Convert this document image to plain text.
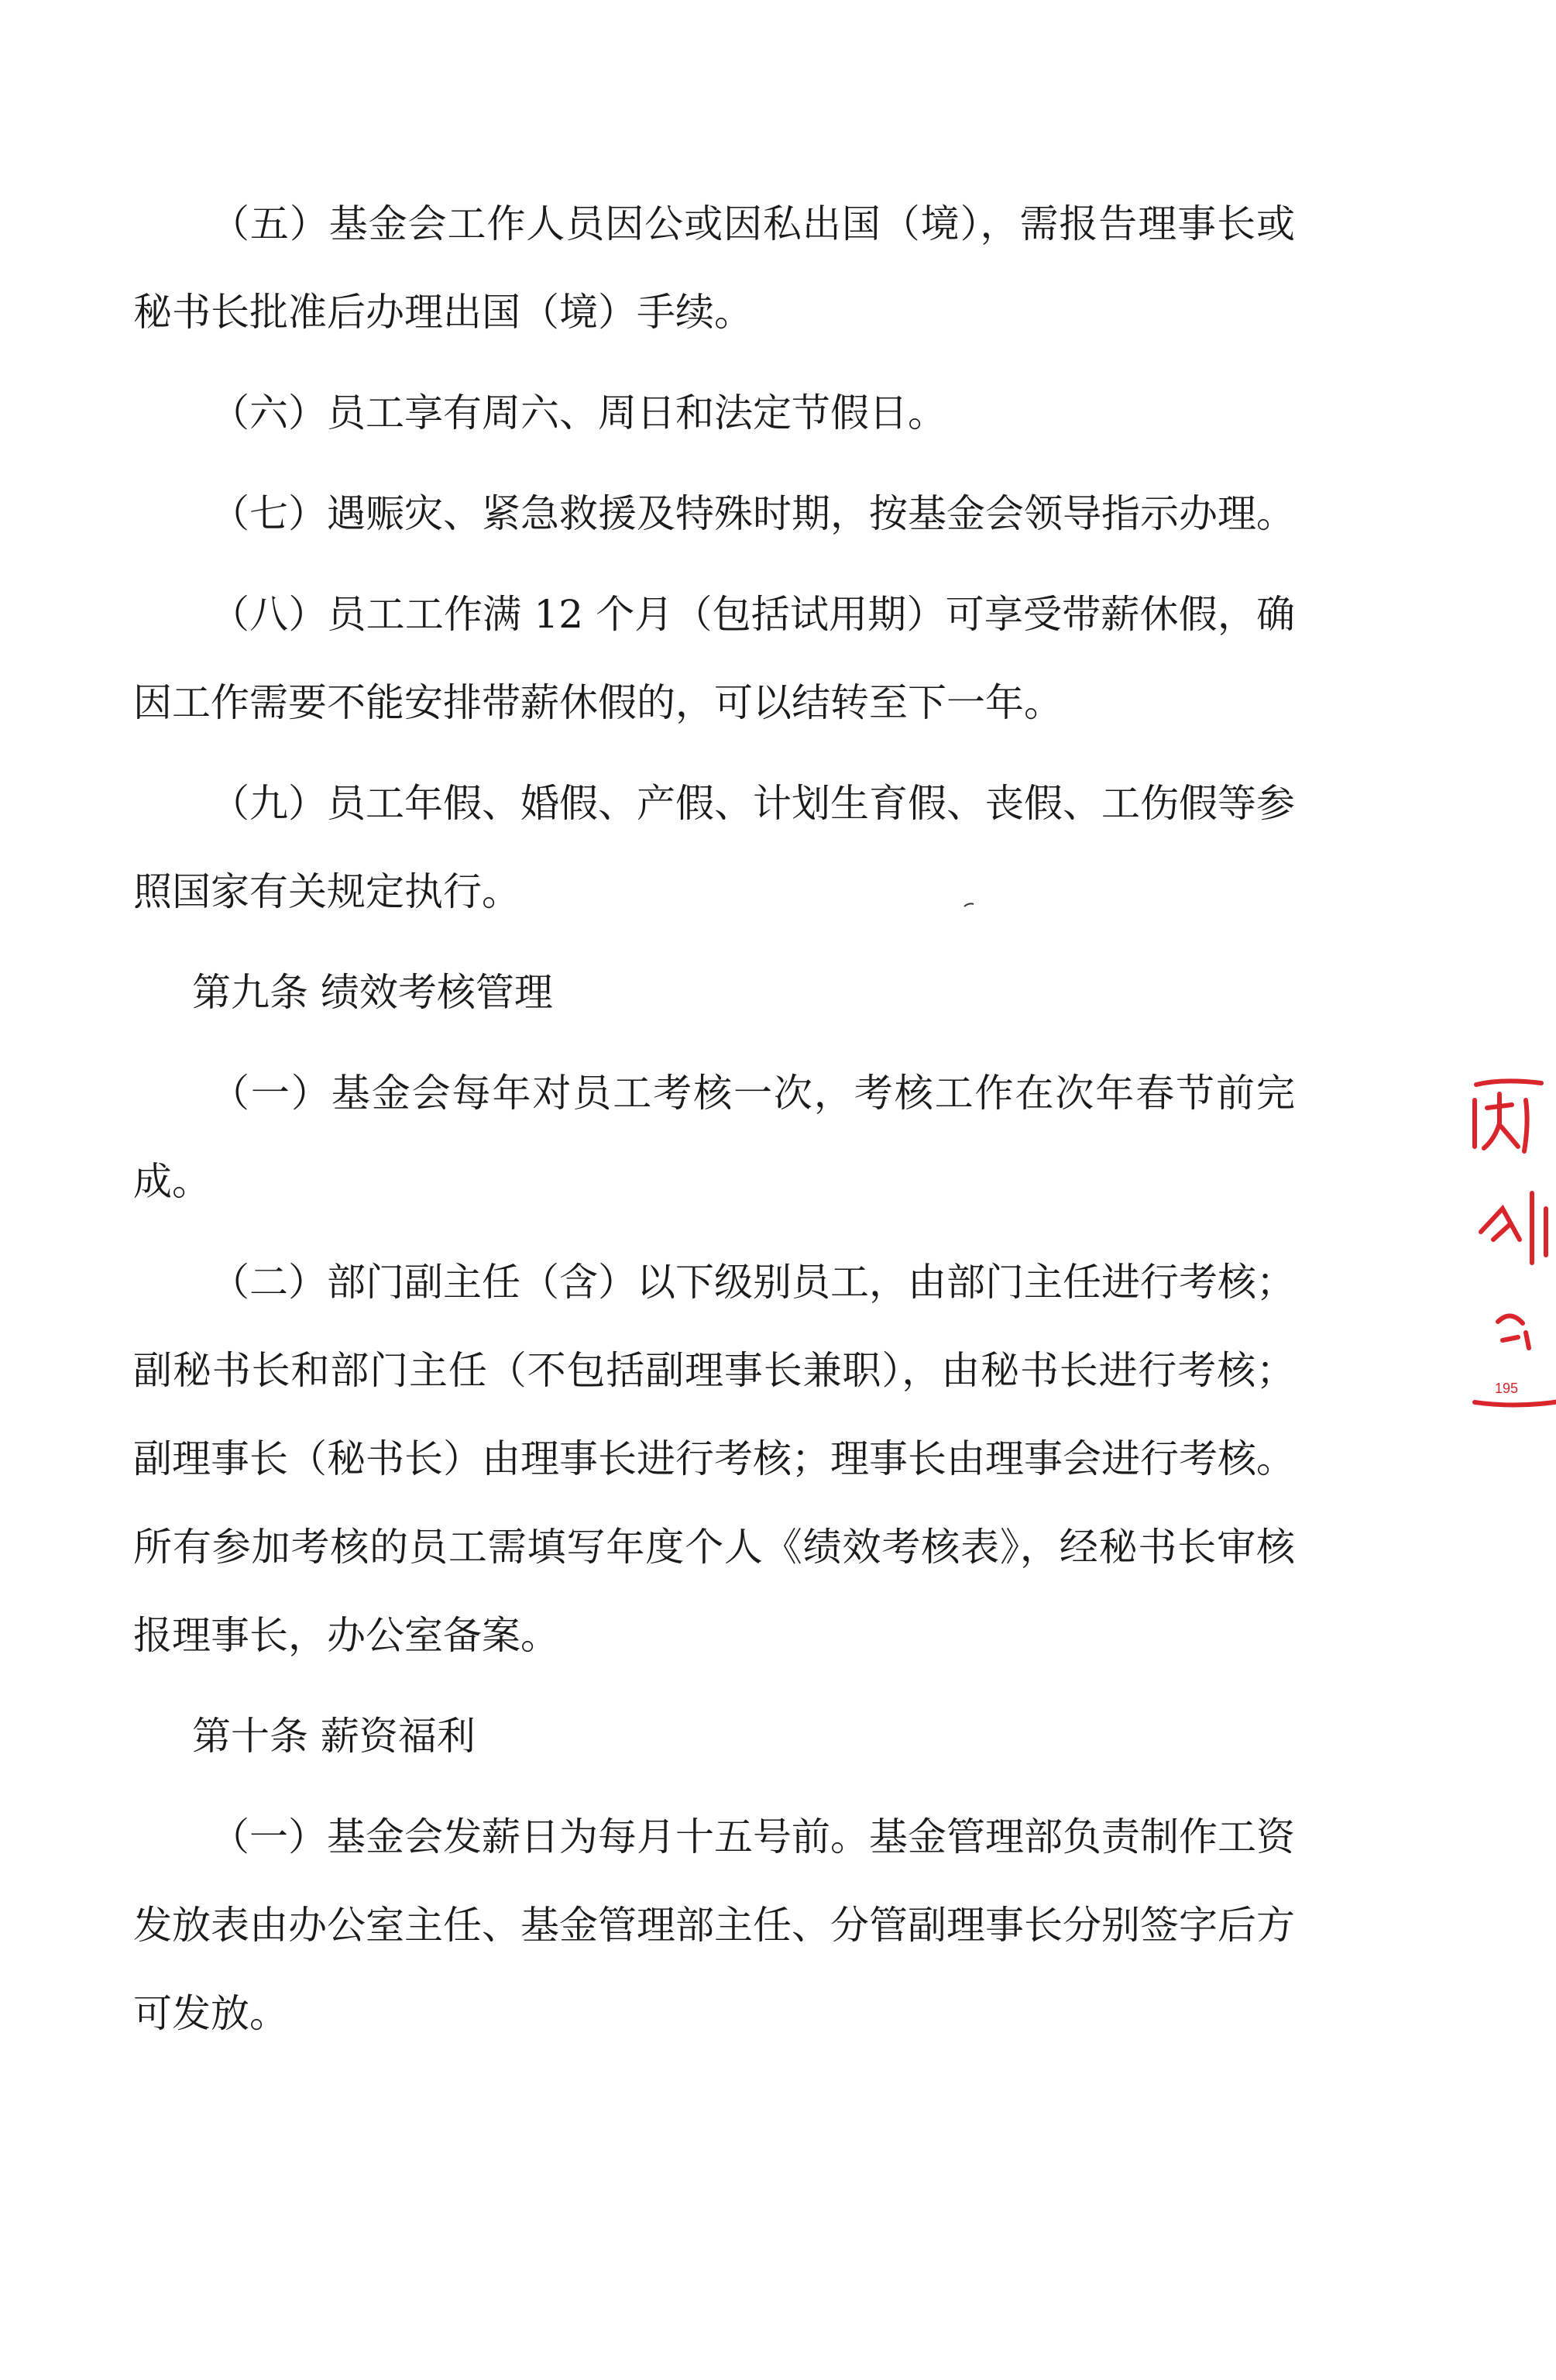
（五）基金会工作人员因公或因私出国（境），需报告理事长或秘书长批准后办理出国（境）手续。

（六）员工享有周六、周日和法定节假日。

（七）遇赈灾、紧急救援及特殊时期，按基金会领导指示办理。

（八）员工工作满 12 个月（包括试用期）可享受带薪休假，确因工作需要不能安排带薪休假的，可以结转至下一年。

（九）员工年假、婚假、产假、计划生育假、丧假、工伤假等参照国家有关规定执行。

第九条 绩效考核管理

（一）基金会每年对员工考核一次，考核工作在次年春节前完成。

（二）部门副主任（含）以下级别员工，由部门主任进行考核；副秘书长和部门主任（不包括副理事长兼职），由秘书长进行考核；副理事长（秘书长）由理事长进行考核；理事长由理事会进行考核。所有参加考核的员工需填写年度个人《绩效考核表》，经秘书长审核报理事长，办公室备案。

第十条 薪资福利

（一）基金会发薪日为每月十五号前。基金管理部负责制作工资发放表由办公室主任、基金管理部主任、分管副理事长分别签字后方可发放。

195
